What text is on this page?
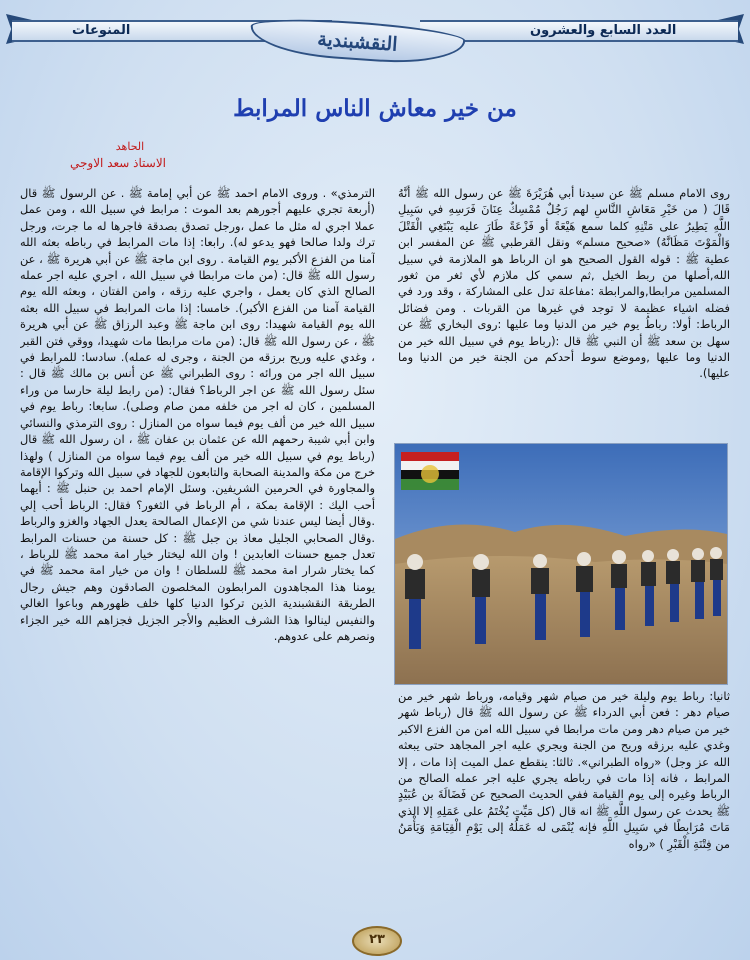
المنوعات	العدد السابع والعشرون
النقشبندية
من خير معاش الناس المرابط
الحاهد
الاستاذ سعد الاوجي

روى الامام مسلم ﷺ عن سيدنا أبي هُرَيْرَةَ ﷺ عن رسول الله ﷺ أَنَّهُ قَالَ ( من خَيْرِ مَعَاشِ النَّاسِ لهم رَجُلٌ مُمْسِكٌ عِنَانَ فَرَسِهِ في سَبِيلِ اللَّهِ يَطِيرُ على مَتْنِهِ كلما سمع هَيْعَةً أو فَزْعَةً طَارَ عليه يَبْتَغِي الْقَتْلَ وَالْمَوْتَ مَظَانَّهُ) «صحيح مسلم» ونقل القرطبي ﷺ عن المفسر ابن عطية ﷺ : قوله القول الصحيح هو ان الرباط هو الملازمة في سبيل الله,أصلها من ربط الخيل ,ثم سمي كل ملازم لأي ثغر من ثغور المسلمين مرابطا,والمرابطة :مفاعلة تدل على المشاركة ، وقد ورد في فضله اشياء عظيمة لا توجد في غيرها من القربات . ومن فضائل الرباط: أولا: رباطُ يوم خير من الدنيا وما عليها :روى البخاري ﷺ عن سهل بن سعد ﷺ أن النبي ﷺ قال :(رباط يوم في سبيل الله خير من الدنيا وما عليها ,وموضع سوط أحدكم من الجنة خير من الدنيا وما عليها).

ثانيا: رباط يوم وليلة خير من صيام شهر وقيامه، ورباط شهر خير من صيام دهر : فعن أبي الدرداء ﷺ عن رسول الله ﷺ قال (رباط شهر خير من صيام دهر ومن مات مرابطا في سبيل الله امن من الفزع الاكبر وغدي عليه برزقه وريح من الجنة ويجري عليه اجر المجاهد حتى يبعثه الله عز وجل) «رواه الطبراني». ثالثا: ينقطع عمل الميت إذا مات ، إلا المرابط ، فانه إذا مات في رباطه يجري عليه اجر عمله الصالح من الرباط وغيره إلى يوم القيامة ففي الحديث الصحيح عن فَضَالَةَ بن عُبَيْدٍ ﷺ يحدث عن رسول اللَّهِ ﷺ انه قال (كل مَيِّتٍ يُخْتَمُ على عَمَلِهِ إلا الذي مَاتَ مُرَابِطًا في سَبِيلِ اللَّهِ فإنه يُنْمَى له عَمَلُهُ إلى يَوْمِ الْقِيَامَةِ وَيَأْمَنُ من فِتْنَةِ الْقَبْرِ ) «رواه

الترمذي» . وروى الامام احمد ﷺ عن أبي إمامة ﷺ . عن الرسول ﷺ قال (أربعة تجري عليهم أجورهم بعد الموت : مرابط في سبيل الله ، ومن عمل عملا اجري له مثل ما عمل ،ورجل تصدق بصدقة فاجرها له ما جرت، ورجل ترك ولدا صالحا فهو يدعو له). رابعا: إذا مات المرابط في رباطه بعثه الله آمنا من الفزع الأكبر يوم القيامة . روى ابن ماجة ﷺ عن أبي هريرة ﷺ ، عن رسول الله ﷺ قال: (من مات مرابطا في سبيل الله ، اجري عليه اجر عمله الصالح الذي كان يعمل ، واجري عليه رزقه ، وامن الفتان ، وبعثه الله يوم القيامة آمنا من الفزع الأكبر). خامسا: إذا مات المرابط في سبيل الله بعثه الله يوم القيامة شهيدا: روى ابن ماجة ﷺ وعبد الرزاق ﷺ عن أبي هريرة ﷺ ، عن رسول الله ﷺ قال: (من مات مرابطا مات شهيدا، ووقي فتن القبر ، وغدي عليه وريح برزقه من الجنة ، وجرى له عمله). سادسا: للمرابط في سبيل الله اجر من ورائه : روى الطبراني ﷺ عن أنس بن مالك ﷺ قال : سئل رسول الله ﷺ عن اجر الرباط؟ فقال: (من رابط ليلة حارسا من وراء المسلمين ، كان له اجر من خلفه ممن صام وصلى). سابعا: رباط يوم في سبيل الله خير من ألف يوم فيما سواه من المنازل : روى الترمذي والنسائي وابن أبي شيبة رحمهم الله عن عثمان بن عفان ﷺ ، ان رسول الله ﷺ قال (رباط يوم في سبيل الله خير من ألف يوم فيما سواه من المنازل ) ولهذا خرج من مكة والمدينة الصحابة والتابعون للجهاد في سبيل الله وتركوا الإقامة والمجاورة في الحرمين الشريفين. وسئل الإمام احمد بن حنبل ﷺ : أيهما أحب اليك : الإقامة بمكة ، أم الرباط في الثغور؟ فقال: الرباط أحب إلي .وقال أيضا ليس عندنا شي من الإعمال الصالحة يعدل الجهاد والغزو والرباط .وقال الصحابي الجليل معاذ بن جبل ﷺ : كل حسنة من حسنات المرابط تعدل جميع حسنات العابدين ! وان الله ليختار خيار امة محمد ﷺ للرباط ، كما يختار شرار امة محمد ﷺ للسلطان ! وان من خيار امة محمد ﷺ في يومنا هذا المجاهدون المرابطون المخلصون الصادقون وهم جيش رجال الطريقة النقشبندية الذين تركوا الدنيا كلها خلف ظهورهم وباعوا الغالي والنفيس لينالوا هذا الشرف العظيم والأجر الجزيل فجزاهم الله خير الجزاء ونصرهم على عدوهم.

٢٣
